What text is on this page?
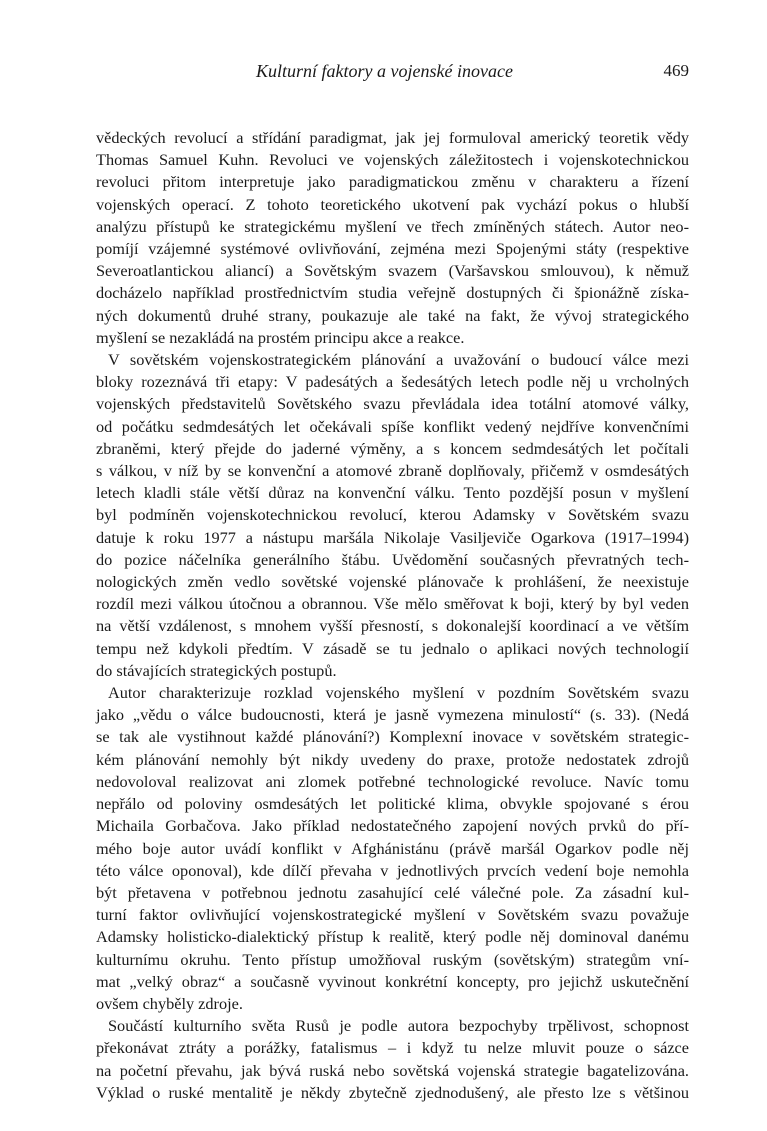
Kulturní faktory a vojenské inovace	469

vědeckých revolucí a střídání paradigmat, jak jej formuloval americký teoretik vědy
Thomas Samuel Kuhn. Revoluci ve vojenských záležitostech i vojenskotechnickou
revoluci přitom interpretuje jako paradigmatickou změnu v charakteru a řízení
vojenských operací. Z tohoto teoretického ukotvení pak vychází pokus o hlubší
analýzu přístupů ke strategickému myšlení ve třech zmíněných státech. Autor neo-
pomíjí vzájemné systémové ovlivňování, zejména mezi Spojenými státy (respektive
Severoatlantickou aliancí) a Sovětským svazem (Varšavskou smlouvou), k němuž
docházelo například prostřednictvím studia veřejně dostupných či špionážně získa-
ných dokumentů druhé strany, poukazuje ale také na fakt, že vývoj strategického
myšlení se nezakládá na prostém principu akce a reakce.

V sovětském vojenskostrategickém plánování a uvažování o budoucí válce mezi
bloky rozeznává tři etapy: V padesátých a šedesátých letech podle něj u vrcholných
vojenských představitelů Sovětského svazu převládala idea totální atomové války,
od počátku sedmdesátých let očekávali spíše konflikt vedený nejdříve konvenčními
zbraněmi, který přejde do jaderné výměny, a s koncem sedmdesátých let počítali
s válkou, v níž by se konvenční a atomové zbraně doplňovaly, přičemž v osmdesátých
letech kladli stále větší důraz na konvenční válku. Tento pozdější posun v myšlení
byl podmíněn vojenskotechnickou revolucí, kterou Adamsky v Sovětském svazu
datuje k roku 1977 a nástupu maršála Nikolaje Vasiljeviče Ogarkova (1917–1994)
do pozice náčelníka generálního štábu. Uvědomění současných převratných tech-
nologických změn vedlo sovětské vojenské plánovače k prohlášení, že neexistuje
rozdíl mezi válkou útočnou a obrannou. Vše mělo směřovat k boji, který by byl veden
na větší vzdálenost, s mnohem vyšší přesností, s dokonalejší koordinací a ve větším
tempu než kdykoli předtím. V zásadě se tu jednalo o aplikaci nových technologií
do stávajících strategických postupů.

Autor charakterizuje rozklad vojenského myšlení v pozdním Sovětském svazu
jako „vědu o válce budoucnosti, která je jasně vymezena minulostí“ (s. 33). (Nedá
se tak ale vystihnout každé plánování?) Komplexní inovace v sovětském strategic-
kém plánování nemohly být nikdy uvedeny do praxe, protože nedostatek zdrojů
nedovoloval realizovat ani zlomek potřebné technologické revoluce. Navíc tomu
nepřálo od poloviny osmdesátých let politické klima, obvykle spojované s érou
Michaila Gorbačova. Jako příklad nedostatečného zapojení nových prvků do pří-
mého boje autor uvádí konflikt v Afghánistánu (právě maršál Ogarkov podle něj
této válce oponoval), kde dílčí převaha v jednotlivých prvcích vedení boje nemohla
být přetavena v potřebnou jednotu zasahující celé válečné pole. Za zásadní kul-
turní faktor ovlivňující vojenskostrategické myšlení v Sovětském svazu považuje
Adamsky holisticko-dialektický přístup k realitě, který podle něj dominoval danému
kulturnímu okruhu. Tento přístup umožňoval ruským (sovětským) strategům vní-
mat „velký obraz“ a současně vyvinout konkrétní koncepty, pro jejichž uskutečnění
ovšem chyběly zdroje.

Součástí kulturního světa Rusů je podle autora bezpochyby trpělivost, schopnost
překonávat ztráty a porážky, fatalismus – i když tu nelze mluvit pouze o sázce
na početní převahu, jak bývá ruská nebo sovětská vojenská strategie bagatelizována.
Výklad o ruské mentalitě je někdy zbytečně zjednodušený, ale přesto lze s většinou
